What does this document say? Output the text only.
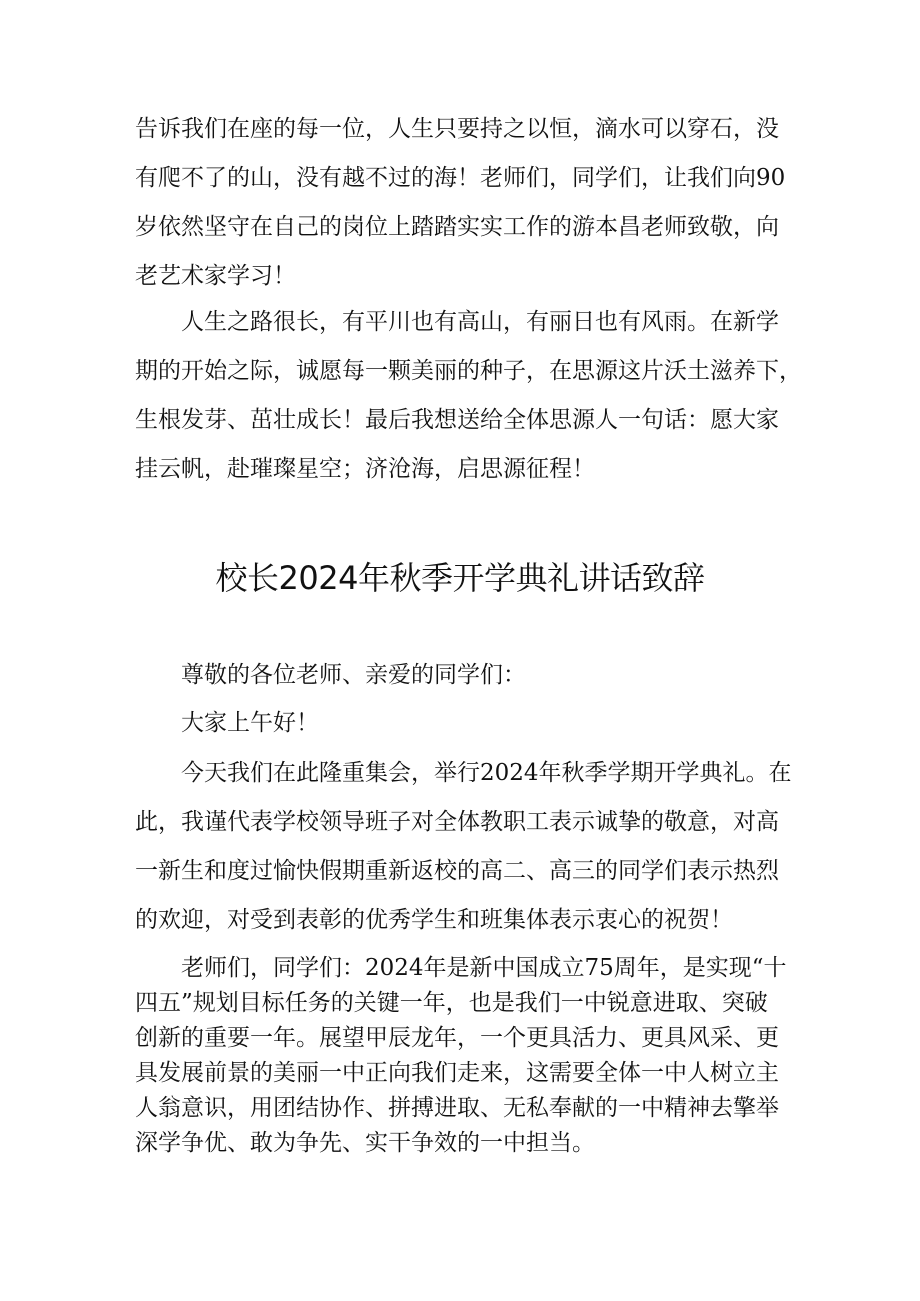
告诉我们在座的每一位，人生只要持之以恒，滴水可以穿石，没
有爬不了的山，没有越不过的海！老师们，同学们，让我们向90
岁依然坚守在自己的岗位上踏踏实实工作的游本昌老师致敬，向
老艺术家学习！
人生之路很长，有平川也有高山，有丽日也有风雨。在新学
期的开始之际，诚愿每一颗美丽的种子，在思源这片沃土滋养下，
生根发芽、茁壮成长！最后我想送给全体思源人一句话：愿大家
挂云帆，赴璀璨星空；济沧海，启思源征程！
校长2024年秋季开学典礼讲话致辞
尊敬的各位老师、亲爱的同学们：
大家上午好！
今天我们在此隆重集会，举行2024年秋季学期开学典礼。在
此，我谨代表学校领导班子对全体教职工表示诚挚的敬意，对高
一新生和度过愉快假期重新返校的高二、高三的同学们表示热烈
的欢迎，对受到表彰的优秀学生和班集体表示衷心的祝贺！
老师们，同学们：2024年是新中国成立75周年，是实现“十
四五”规划目标任务的关键一年，也是我们一中锐意进取、突破
创新的重要一年。展望甲辰龙年，一个更具活力、更具风采、更
具发展前景的美丽一中正向我们走来，这需要全体一中人树立主
人翁意识，用团结协作、拼搏进取、无私奉献的一中精神去擎举
深学争优、敢为争先、实干争效的一中担当。
